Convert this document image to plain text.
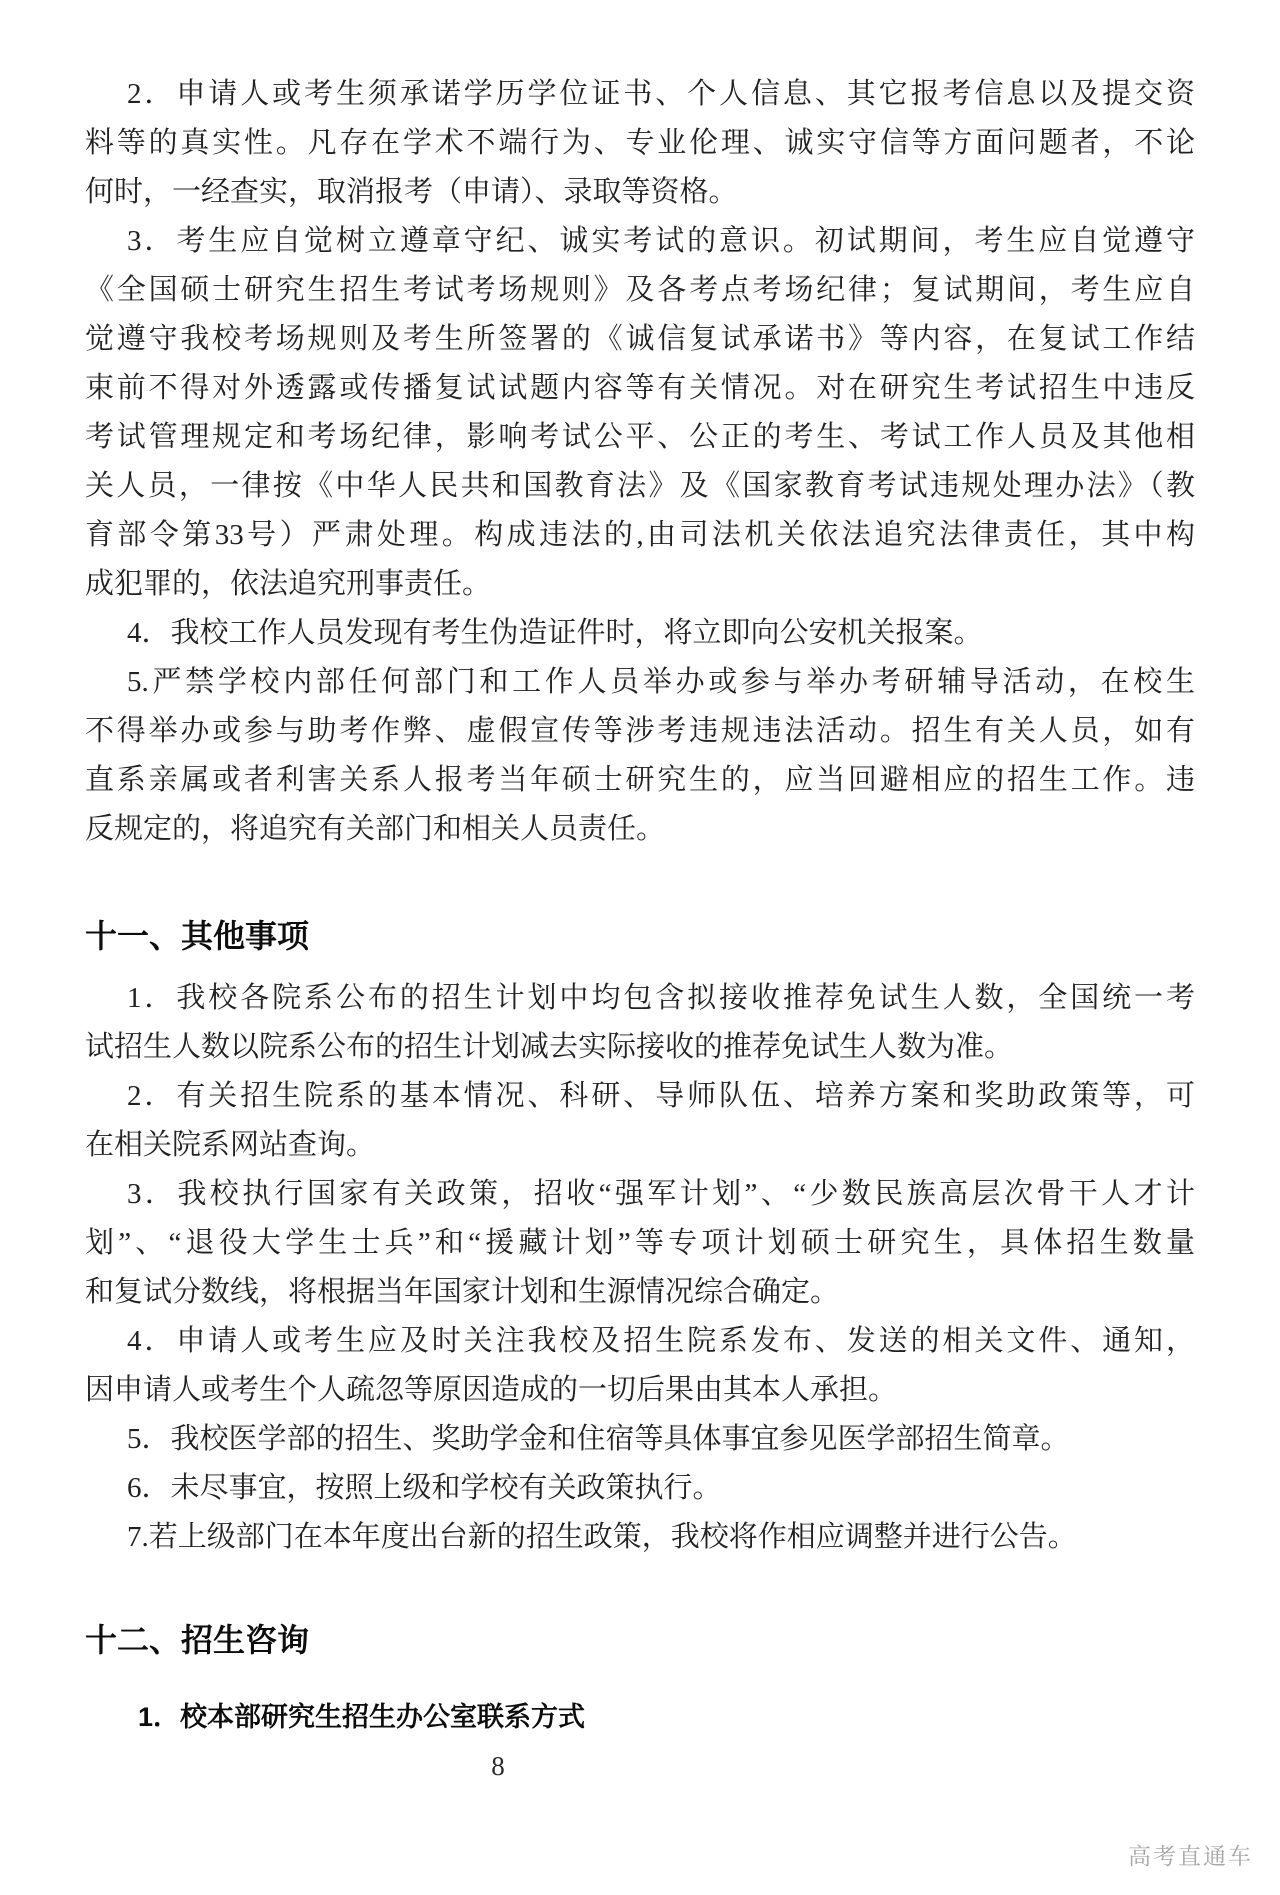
2．申请人或考生须承诺学历学位证书、个人信息、其它报考信息以及提交资
料等的真实性。凡存在学术不端行为、专业伦理、诚实守信等方面问题者，不论
何时，一经查实，取消报考（申请）、录取等资格。
3．考生应自觉树立遵章守纪、诚实考试的意识。初试期间，考生应自觉遵守
《全国硕士研究生招生考试考场规则》及各考点考场纪律；复试期间，考生应自
觉遵守我校考场规则及考生所签署的《诚信复试承诺书》等内容，在复试工作结
束前不得对外透露或传播复试试题内容等有关情况。对在研究生考试招生中违反
考试管理规定和考场纪律，影响考试公平、公正的考生、考试工作人员及其他相
关人员，一律按《中华人民共和国教育法》及《国家教育考试违规处理办法》（教
育部令第33号）严肃处理。构成违法的,由司法机关依法追究法律责任，其中构
成犯罪的，依法追究刑事责任。
4．我校工作人员发现有考生伪造证件时，将立即向公安机关报案。
5.严禁学校内部任何部门和工作人员举办或参与举办考研辅导活动，在校生
不得举办或参与助考作弊、虚假宣传等涉考违规违法活动。招生有关人员，如有
直系亲属或者利害关系人报考当年硕士研究生的，应当回避相应的招生工作。违
反规定的，将追究有关部门和相关人员责任。
十一、其他事项
1．我校各院系公布的招生计划中均包含拟接收推荐免试生人数，全国统一考
试招生人数以院系公布的招生计划减去实际接收的推荐免试生人数为准。
2．有关招生院系的基本情况、科研、导师队伍、培养方案和奖助政策等，可
在相关院系网站查询。
3．我校执行国家有关政策，招收“强军计划”、“少数民族高层次骨干人才计
划”、“退役大学生士兵”和“援藏计划”等专项计划硕士研究生，具体招生数量
和复试分数线，将根据当年国家计划和生源情况综合确定。
4．申请人或考生应及时关注我校及招生院系发布、发送的相关文件、通知，
因申请人或考生个人疏忽等原因造成的一切后果由其本人承担。
5．我校医学部的招生、奖助学金和住宿等具体事宜参见医学部招生简章。
6．未尽事宜，按照上级和学校有关政策执行。
7.若上级部门在本年度出台新的招生政策，我校将作相应调整并进行公告。
十二、招生咨询
1．校本部研究生招生办公室联系方式
8
高考直通车
